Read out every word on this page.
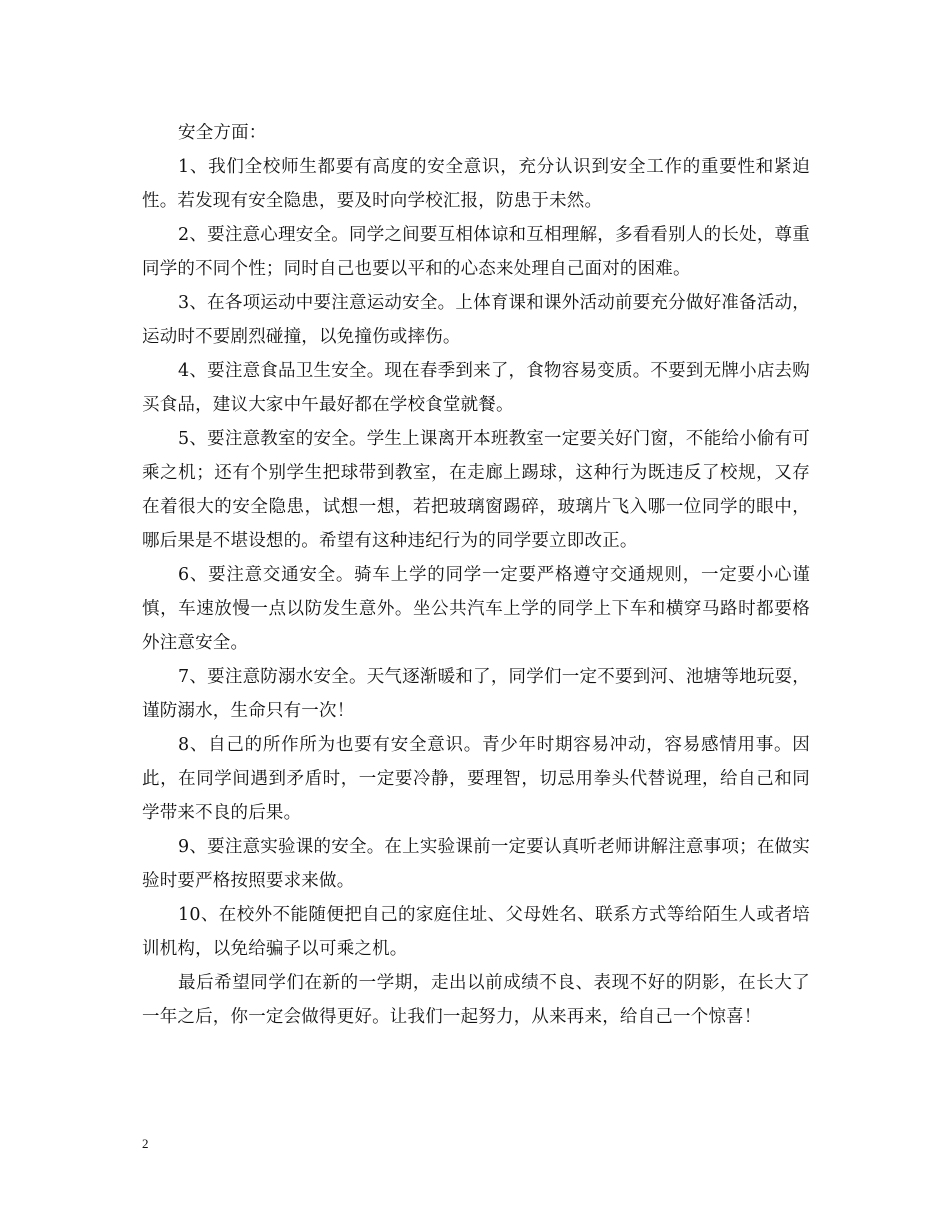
安全方面：

1、我们全校师生都要有高度的安全意识，充分认识到安全工作的重要性和紧迫性。若发现有安全隐患，要及时向学校汇报，防患于未然。

2、要注意心理安全。同学之间要互相体谅和互相理解，多看看别人的长处，尊重同学的不同个性；同时自己也要以平和的心态来处理自己面对的困难。

3、在各项运动中要注意运动安全。上体育课和课外活动前要充分做好准备活动，运动时不要剧烈碰撞，以免撞伤或摔伤。

4、要注意食品卫生安全。现在春季到来了，食物容易变质。不要到无牌小店去购买食品，建议大家中午最好都在学校食堂就餐。

5、要注意教室的安全。学生上课离开本班教室一定要关好门窗，不能给小偷有可乘之机；还有个别学生把球带到教室，在走廊上踢球，这种行为既违反了校规，又存在着很大的安全隐患，试想一想，若把玻璃窗踢碎，玻璃片飞入哪一位同学的眼中，哪后果是不堪设想的。希望有这种违纪行为的同学要立即改正。

6、要注意交通安全。骑车上学的同学一定要严格遵守交通规则，一定要小心谨慎，车速放慢一点以防发生意外。坐公共汽车上学的同学上下车和横穿马路时都要格外注意安全。

7、要注意防溺水安全。天气逐渐暖和了，同学们一定不要到河、池塘等地玩耍，谨防溺水，生命只有一次！

8、自己的所作所为也要有安全意识。青少年时期容易冲动，容易感情用事。因此，在同学间遇到矛盾时，一定要冷静，要理智，切忌用拳头代替说理，给自己和同学带来不良的后果。

9、要注意实验课的安全。在上实验课前一定要认真听老师讲解注意事项；在做实验时要严格按照要求来做。

10、在校外不能随便把自己的家庭住址、父母姓名、联系方式等给陌生人或者培训机构，以免给骗子以可乘之机。

最后希望同学们在新的一学期，走出以前成绩不良、表现不好的阴影，在长大了一年之后，你一定会做得更好。让我们一起努力，从来再来，给自己一个惊喜！

2
